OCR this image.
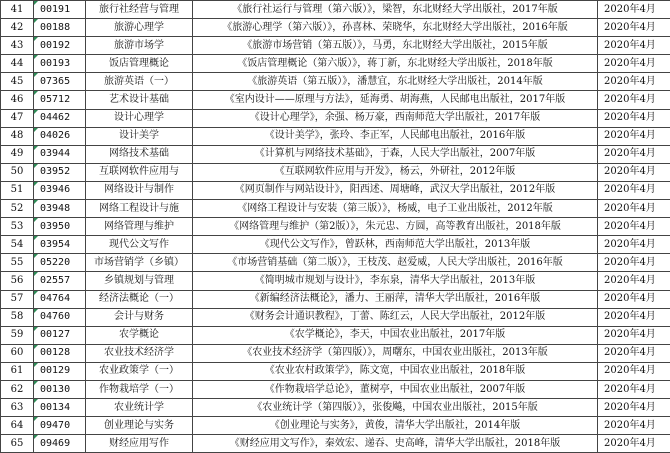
41	00191	旅行社经营与管理	《旅行社运行与管理（第六版）》，梁智，东北财经大学出版社，2017年版	2020年4月
42	00188	旅游心理学	《旅游心理学（第六版）》，孙喜林、荣晓华，东北财经大学出版社，2016年版	2020年4月
43	00192	旅游市场学	《旅游市场营销（第五版）》，马勇，东北财经大学出版社，2015年版	2020年4月
44	00193	饭店管理概论	《饭店管理概论（第六版）》，蒋丁新，东北财经大学出版社，2018年版	2020年4月
45	07365	旅游英语（一）	《旅游英语（第五版）》，潘慧宜，东北财经大学出版社，2014年版	2020年4月
46	05712	艺术设计基础	《室内设计——原理与方法》，延海勇、胡海燕，人民邮电出版社，2017年版	2020年4月
47	04462	设计心理学	《设计心理学》，余强、杨万豪，西南师范大学出版社，2017年版	2020年4月
48	04026	设计美学	《设计美学》，张玲、李正军，人民邮电出版社，2016年版	2020年4月
49	03944	网络技术基础	《计算机与网络技术基础》，于森，人民大学出版社，2007年版	2020年4月
50	03952	互联网软件应用与	《互联网软件应用与开发》，杨云，外研社，2012年版	2020年4月
51	03946	网络设计与制作	《网页制作与网站设计》，阳西述、周塘峰，武汉大学出版社，2012年版	2020年4月
52	03948	网络工程设计与施	《网络工程设计与安装（第三版）》，杨威，电子工业出版社，2012年版	2020年4月
53	03950	网络管理与维护	《网络管理与维护（第2版）》，朱元忠、方圆，高等教育出版社，2018年版	2020年4月
54	03954	现代公文写作	《现代公文写作》，曾跃林，西南师范大学出版社，2013年版	2020年4月
55	05220	市场营销学（乡镇）	《市场营销基础（第二版）》，王枝茂、赵爱威，人民大学出版社，2016年版	2020年4月
56	02557	乡镇规划与管理	《简明城市规划与设计》，李东泉，清华大学出版社，2013年版	2020年4月
57	04764	经济法概论（一）	《新编经济法概论》，潘力、王丽萍，清华大学出版社，2016年版	2020年4月
58	04760	会计与财务	《财务会计通识教程》，丁蕾、陈红云，人民大学出版社，2012年版	2020年4月
59	00127	农学概论	《农学概论》，李天，中国农业出版社，2017年版	2020年4月
60	00128	农业技术经济学	《农业技术经济学（第四版）》，周曙东，中国农业出版社，2013年版	2020年4月
61	00129	农业政策学（一）	《农业农村政策学》，陈文宽，中国农业出版社，2018年版	2020年4月
62	00130	作物栽培学（一）	《作物栽培学总论》，董树亭，中国农业出版社，2007年版	2020年4月
63	00134	农业统计学	《农业统计学（第四版）》，张俊飚，中国农业出版社，2015年版	2020年4月
64	09470	创业理论与实务	《创业理论与实务》，黄俊，清华大学出版社，2014年版	2020年4月
65	09469	财经应用写作	《财经应用文写作》，秦效宏、递吞、史高峰，清华大学出版社，2018年版	2020年4月
